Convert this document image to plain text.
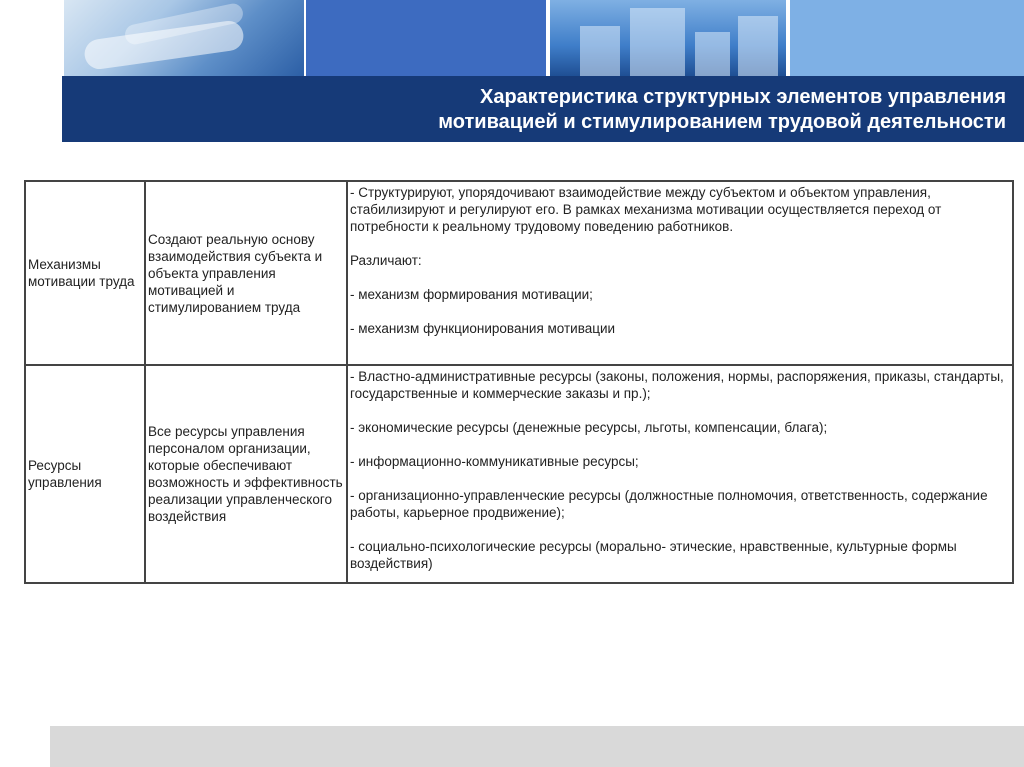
Характеристика структурных элементов управления
мотивацией и стимулированием трудовой деятельности
Механизмы мотивации труда	Создают реальную основу взаимодействия субъекта и объекта управления мотивацией и стимулированием труда	- Структурируют, упорядочивают взаимодействие между субъектом и объектом управления, стабилизируют и регулируют его. В рамках механизма мотивации осуществляется переход от потребности к реальному трудовому поведению работников.
Различают:
- механизм формирования мотивации;
- механизм функционирования мотивации

Ресурсы управления	Все ресурсы управления персоналом организации, которые обеспечивают возможность и эффективность реализации управленческого воздействия	- Властно-административные ресурсы (законы, положения, нормы, распоряжения, приказы, стандарты, государственные и коммерческие заказы и пр.);
- экономические ресурсы (денежные ресурсы, льготы, компенсации, блага);
- информационно-коммуникативные ресурсы;
- организационно-управленческие ресурсы (должностные полномочия, ответственность, содержание работы, карьерное продвижение);
- социально-психологические ресурсы (морально- этические, нравственные, культурные формы воздействия)
